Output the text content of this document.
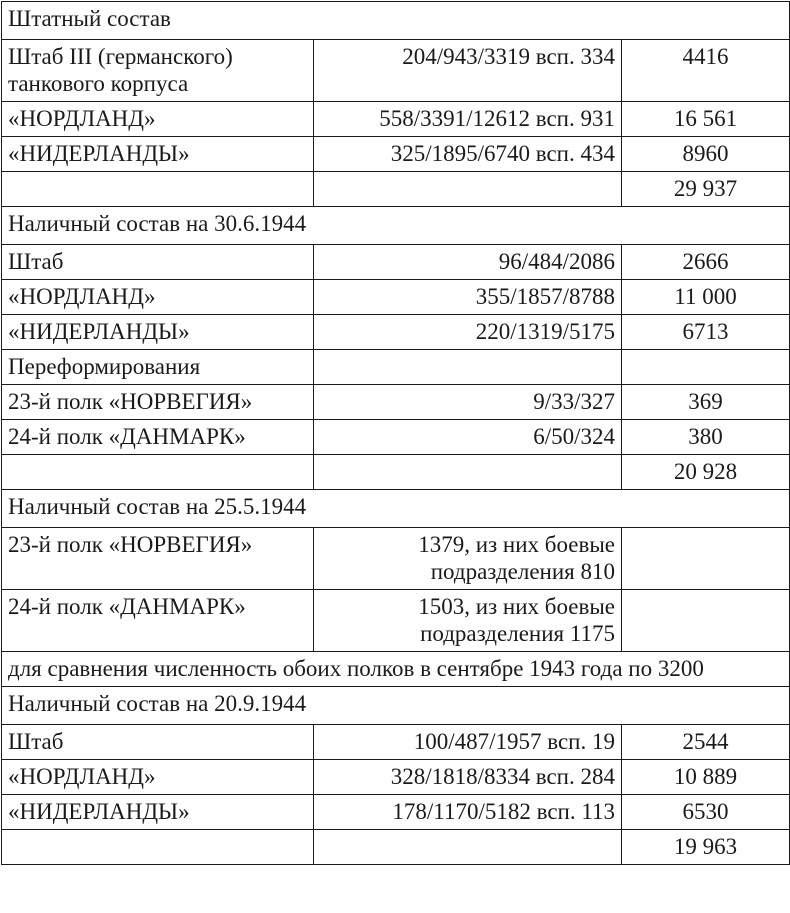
Штатный состав		
Штаб III (германского) танкового корпуса	204/943/3319 всп. 334	4416
«НОРДЛАНД»	558/3391/12612 всп. 931	16 561
«НИДЕРЛАНДЫ»	325/1895/6740 всп. 434	8960
		29 937
Наличный состав на 30.6.1944		
Штаб	96/484/2086	2666
«НОРДЛАНД»	355/1857/8788	11 000
«НИДЕРЛАНДЫ»	220/1319/5175	6713
Переформирования		
23-й полк «НОРВЕГИЯ»	9/33/327	369
24-й полк «ДАНМАРК»	6/50/324	380
		20 928
Наличный состав на 25.5.1944		
23-й полк «НОРВЕГИЯ»	1379, из них боевые подразделения 810	
24-й полк «ДАНМАРК»	1503, из них боевые подразделения 1175	
для сравнения численность обоих полков в сентябре 1943 года по 3200		
Наличный состав на 20.9.1944		
Штаб	100/487/1957 всп. 19	2544
«НОРДЛАНД»	328/1818/8334 всп. 284	10 889
«НИДЕРЛАНДЫ»	178/1170/5182 всп. 113	6530
		19 963
